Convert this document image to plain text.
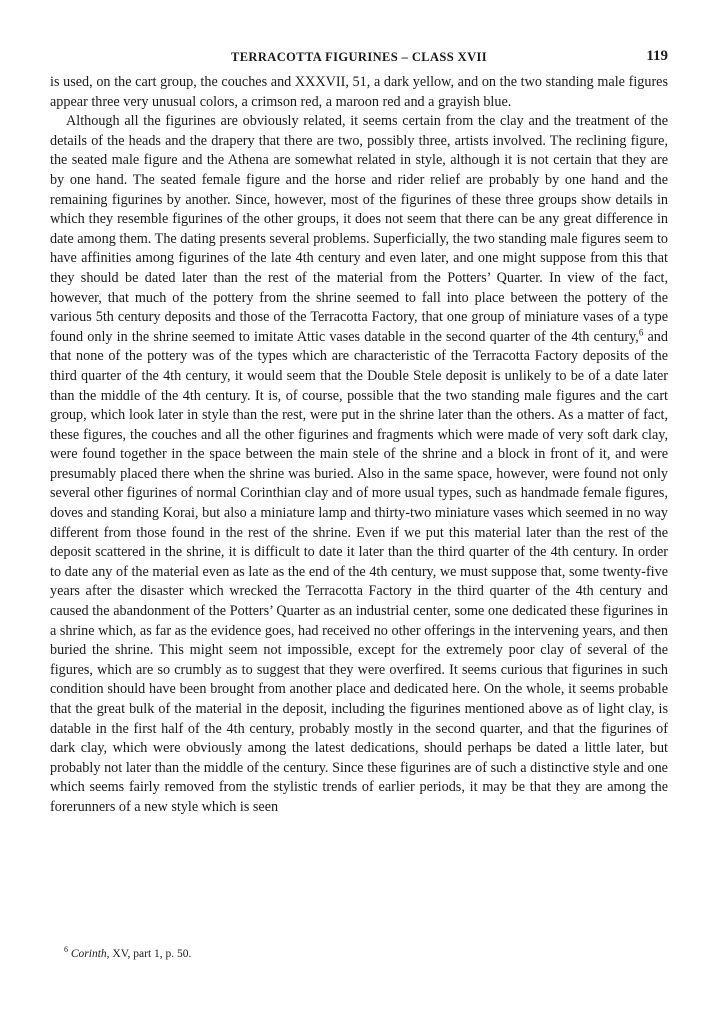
TERRACOTTA FIGURINES – CLASS XVII	119

is used, on the cart group, the couches and XXXVII, 51, a dark yellow, and on the two standing male figures appear three very unusual colors, a crimson red, a maroon red and a grayish blue.

Although all the figurines are obviously related, it seems certain from the clay and the treatment of the details of the heads and the drapery that there are two, possibly three, artists involved. The reclining figure, the seated male figure and the Athena are somewhat related in style, although it is not certain that they are by one hand. The seated female figure and the horse and rider relief are probably by one hand and the remaining figurines by another. Since, however, most of the figurines of these three groups show details in which they resemble figurines of the other groups, it does not seem that there can be any great difference in date among them. The dating presents several problems. Superficially, the two standing male figures seem to have affinities among figurines of the late 4th century and even later, and one might suppose from this that they should be dated later than the rest of the material from the Potters’ Quarter. In view of the fact, however, that much of the pottery from the shrine seemed to fall into place between the pottery of the various 5th century deposits and those of the Terracotta Factory, that one group of miniature vases of a type found only in the shrine seemed to imitate Attic vases datable in the second quarter of the 4th century,$^6$ and that none of the pottery was of the types which are characteristic of the Terracotta Factory deposits of the third quarter of the 4th century, it would seem that the Double Stele deposit is unlikely to be of a date later than the middle of the 4th century. It is, of course, possible that the two standing male figures and the cart group, which look later in style than the rest, were put in the shrine later than the others. As a matter of fact, these figures, the couches and all the other figurines and fragments which were made of very soft dark clay, were found together in the space between the main stele of the shrine and a block in front of it, and were presumably placed there when the shrine was buried. Also in the same space, however, were found not only several other figurines of normal Corinthian clay and of more usual types, such as handmade female figures, doves and standing Korai, but also a miniature lamp and thirty-two miniature vases which seemed in no way different from those found in the rest of the shrine. Even if we put this material later than the rest of the deposit scattered in the shrine, it is difficult to date it later than the third quarter of the 4th century. In order to date any of the material even as late as the end of the 4th century, we must suppose that, some twenty-five years after the disaster which wrecked the Terracotta Factory in the third quarter of the 4th century and caused the abandonment of the Potters’ Quarter as an industrial center, some one dedicated these figurines in a shrine which, as far as the evidence goes, had received no other offerings in the intervening years, and then buried the shrine. This might seem not impossible, except for the extremely poor clay of several of the figures, which are so crumbly as to suggest that they were overfired. It seems curious that figurines in such condition should have been brought from another place and dedicated here. On the whole, it seems probable that the great bulk of the material in the deposit, including the figurines mentioned above as of light clay, is datable in the first half of the 4th century, probably mostly in the second quarter, and that the figurines of dark clay, which were obviously among the latest dedications, should perhaps be dated a little later, but probably not later than the middle of the century. Since these figurines are of such a distinctive style and one which seems fairly removed from the stylistic trends of earlier periods, it may be that they are among the forerunners of a new style which is seen

$^6$ Corinth, XV, part 1, p. 50.
